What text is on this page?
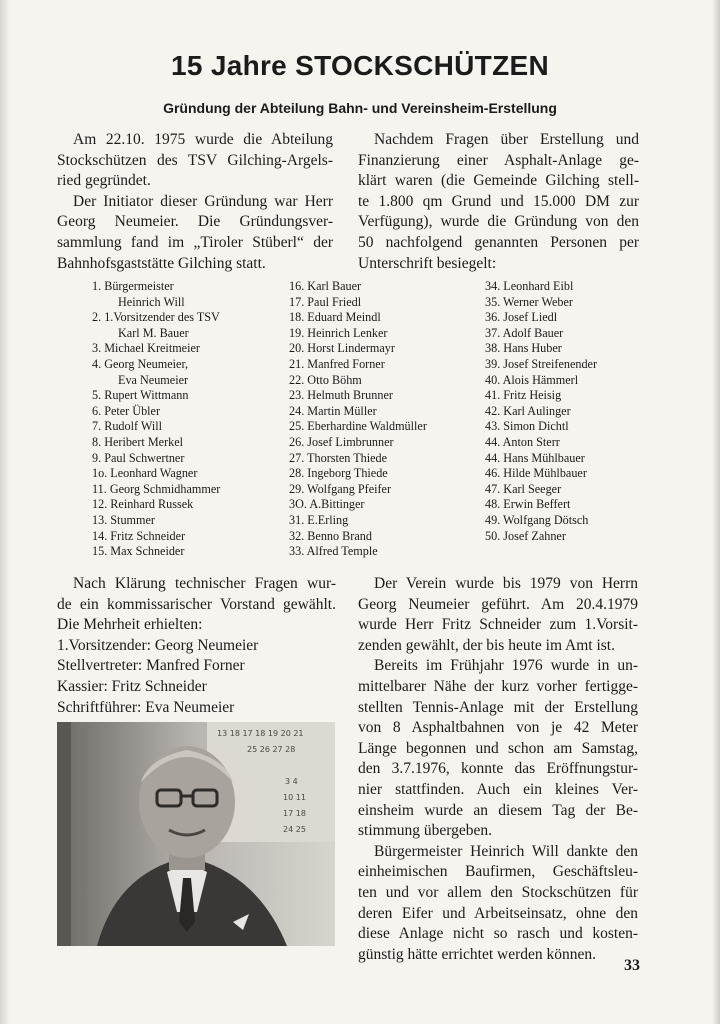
15 Jahre STOCKSCHÜTZEN
Gründung der Abteilung Bahn- und Vereinsheim-Erstellung
Am 22.10. 1975 wurde die Abteilung
Stockschützen des TSV Gilching-Argels-
ried gegründet.
Der Initiator dieser Gründung war Herr
Georg Neumeier. Die Gründungsver-
sammlung fand im „Tiroler Stüberl“ der
Bahnhofsgaststätte Gilching statt.
Nachdem Fragen über Erstellung und
Finanzierung einer Asphalt-Anlage ge-
klärt waren (die Gemeinde Gilching stell-
te 1.800 qm Grund und 15.000 DM zur
Verfügung), wurde die Gründung von den
50 nachfolgend genannten Personen per
Unterschrift besiegelt:
1. Bürgermeister
Heinrich Will
2. 1.Vorsitzender des TSV
Karl M. Bauer
3. Michael Kreitmeier
4. Georg Neumeier,
Eva Neumeier
5. Rupert Wittmann
6. Peter Übler
7. Rudolf Will
8. Heribert Merkel
9. Paul Schwertner
1o. Leonhard Wagner
11. Georg Schmidhammer
12. Reinhard Russek
13. Stummer
14. Fritz Schneider
15. Max Schneider
16. Karl Bauer
17. Paul Friedl
18. Eduard Meindl
19. Heinrich Lenker
20. Horst Lindermayr
21. Manfred Forner
22. Otto Böhm
23. Helmuth Brunner
24. Martin Müller
25. Eberhardine Waldmüller
26. Josef Limbrunner
27. Thorsten Thiede
28. Ingeborg Thiede
29. Wolfgang Pfeifer
3O. A.Bittinger
31. E.Erling
32. Benno Brand
33. Alfred Temple
34. Leonhard Eibl
35. Werner Weber
36. Josef Liedl
37. Adolf Bauer
38. Hans Huber
39. Josef Streifenender
40. Alois Hämmerl
41. Fritz Heisig
42. Karl Aulinger
43. Simon Dichtl
44. Anton Sterr
44. Hans Mühlbauer
46. Hilde Mühlbauer
47. Karl Seeger
48. Erwin Beffert
49. Wolfgang Dötsch
50. Josef Zahner
Nach Klärung technischer Fragen wur-
de ein kommissarischer Vorstand gewählt.
Die Mehrheit erhielten:
1.Vorsitzender: Georg Neumeier
Stellvertreter: Manfred Forner
Kassier: Fritz Schneider
Schriftführer: Eva Neumeier
13 18 17 18 19 20 21
25 26 27 28
3 4
10 11
17 18
24 25
Der Verein wurde bis 1979 von Herrn
Georg Neumeier geführt. Am 20.4.1979
wurde Herr Fritz Schneider zum 1.Vorsit-
zenden gewählt, der bis heute im Amt ist.
Bereits im Frühjahr 1976 wurde in un-
mittelbarer Nähe der kurz vorher fertigge-
stellten Tennis-Anlage mit der Erstellung
von 8 Asphaltbahnen von je 42 Meter
Länge begonnen und schon am Samstag,
den 3.7.1976, konnte das Eröffnungstur-
nier stattfinden. Auch ein kleines Ver-
einsheim wurde an diesem Tag der Be-
stimmung übergeben.
Bürgermeister Heinrich Will dankte den
einheimischen Baufirmen, Geschäftsleu-
ten und vor allem den Stockschützen für
deren Eifer und Arbeitseinsatz, ohne den
diese Anlage nicht so rasch und kosten-
günstig hätte errichtet werden können.

33
